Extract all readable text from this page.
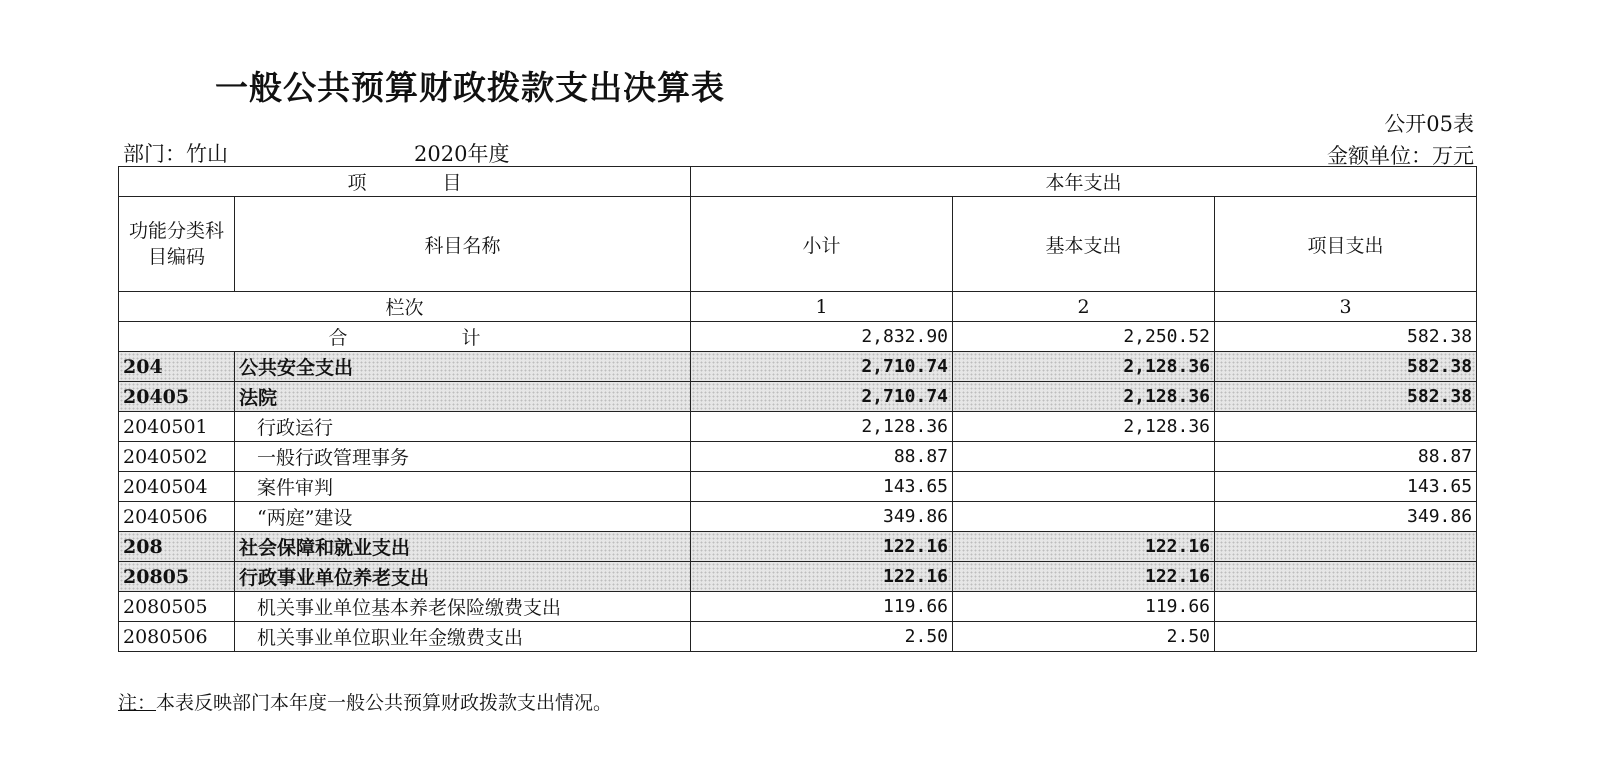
一般公共预算财政拨款支出决算表
公开05表
部门：竹山	2020年度	金额单位：万元
项　　　　目		本年支出		
功能分类科目编码	科目名称	小计	基本支出	项目支出
栏次		1	2	3
合　　　　　　计		2,832.90	2,250.52	582.38
204	公共安全支出	2,710.74	2,128.36	582.38
20405	法院	2,710.74	2,128.36	582.38
2040501	行政运行	2,128.36	2,128.36	
2040502	一般行政管理事务	88.87		88.87
2040504	案件审判	143.65		143.65
2040506	“两庭”建设	349.86		349.86
208	社会保障和就业支出	122.16	122.16	
20805	行政事业单位养老支出	122.16	122.16	
2080505	机关事业单位基本养老保险缴费支出	119.66	119.66	
2080506	机关事业单位职业年金缴费支出	2.50	2.50	
注：本表反映部门本年度一般公共预算财政拨款支出情况。
